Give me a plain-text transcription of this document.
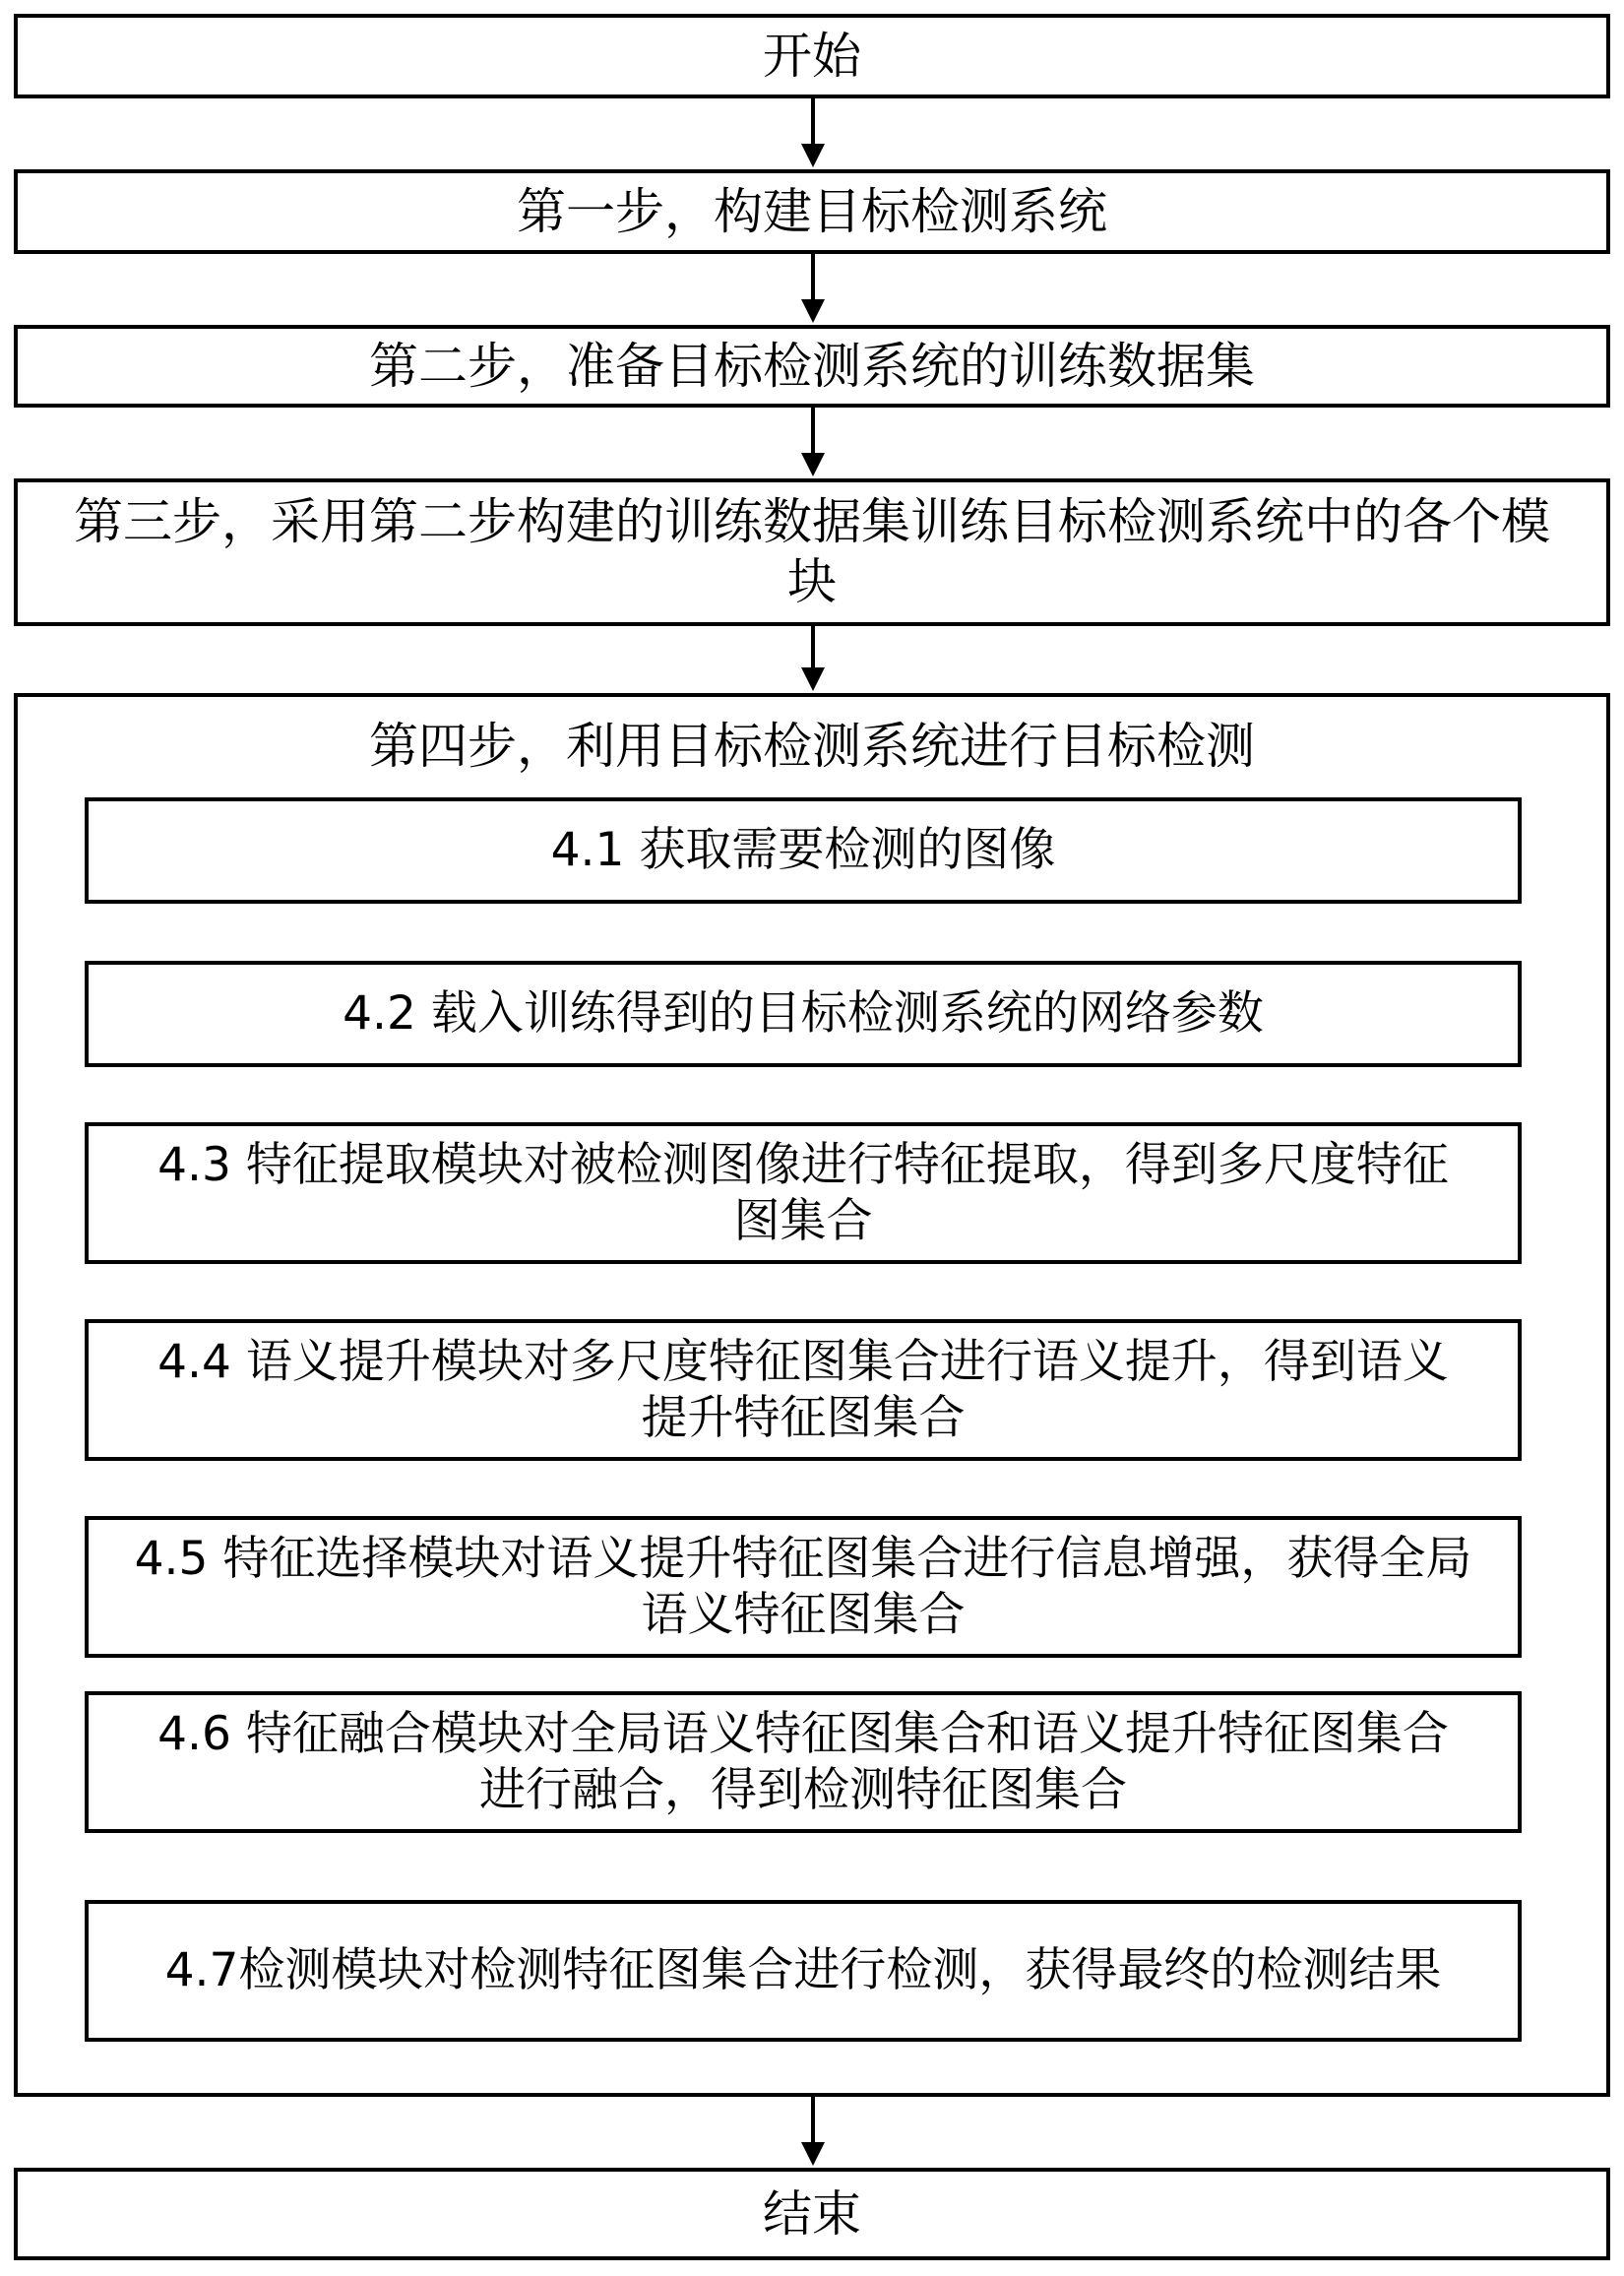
开始
第一步，构建目标检测系统
第二步，准备目标检测系统的训练数据集
第三步，采用第二步构建的训练数据集训练目标检测系统中的各个模块
第四步，利用目标检测系统进行目标检测
4.1 获取需要检测的图像
4.2 载入训练得到的目标检测系统的网络参数
4.3 特征提取模块对被检测图像进行特征提取，得到多尺度特征图集合
4.4 语义提升模块对多尺度特征图集合进行语义提升，得到语义提升特征图集合
4.5 特征选择模块对语义提升特征图集合进行信息增强，获得全局语义特征图集合
4.6 特征融合模块对全局语义特征图集合和语义提升特征图集合进行融合，得到检测特征图集合
4.7检测模块对检测特征图集合进行检测，获得最终的检测结果
结束
